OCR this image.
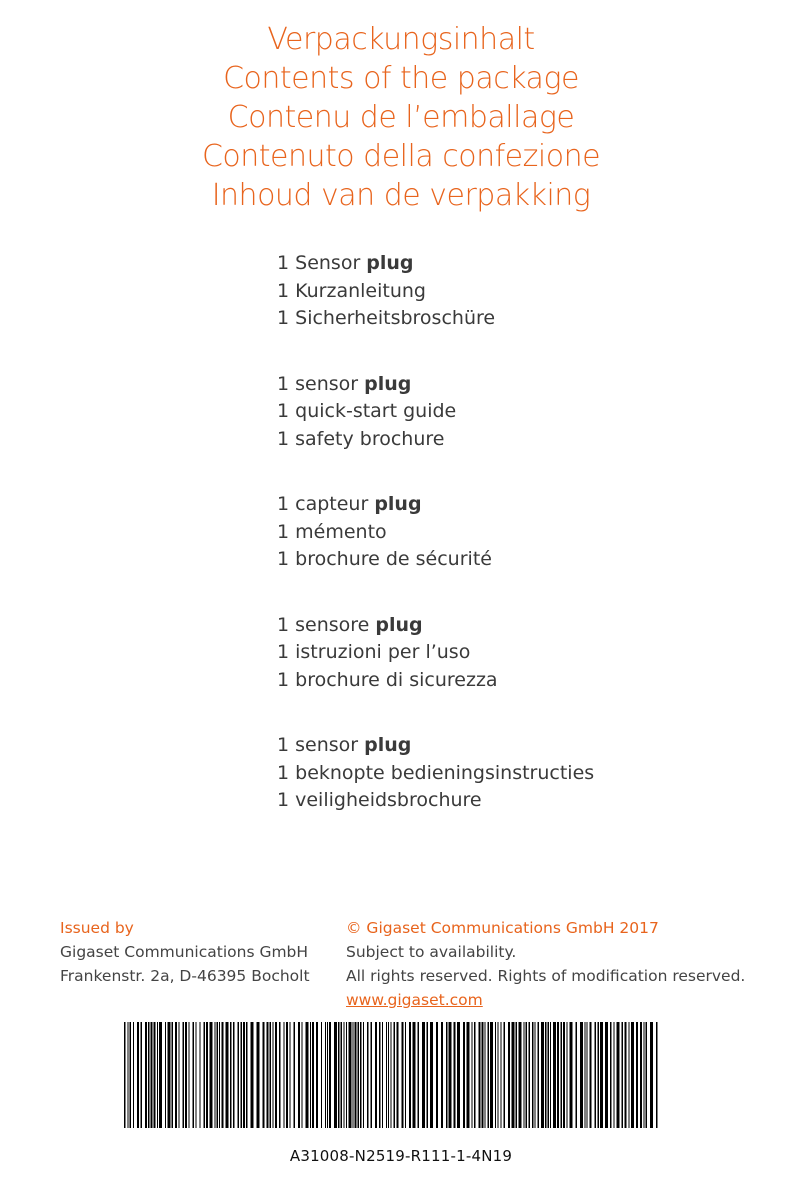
Verpackungsinhalt
Contents of the package
Contenu de l’emballage
Contenuto della confezione
Inhoud van de verpakking
1 Sensor plug
1 Kurzanleitung
1 Sicherheitsbroschüre
1 sensor plug
1 quick-start guide
1 safety brochure
1 capteur plug
1 mémento
1 brochure de sécurité
1 sensore plug
1 istruzioni per l’uso
1 brochure di sicurezza
1 sensor plug
1 beknopte bedieningsinstructies
1 veiligheidsbrochure
Issued by
Gigaset Communications GmbH
Frankenstr. 2a, D-46395 Bocholt
© Gigaset Communications GmbH 2017
Subject to availability.
All rights reserved. Rights of modification reserved.
www.gigaset.com
A31008-N2519-R111-1-4N19
